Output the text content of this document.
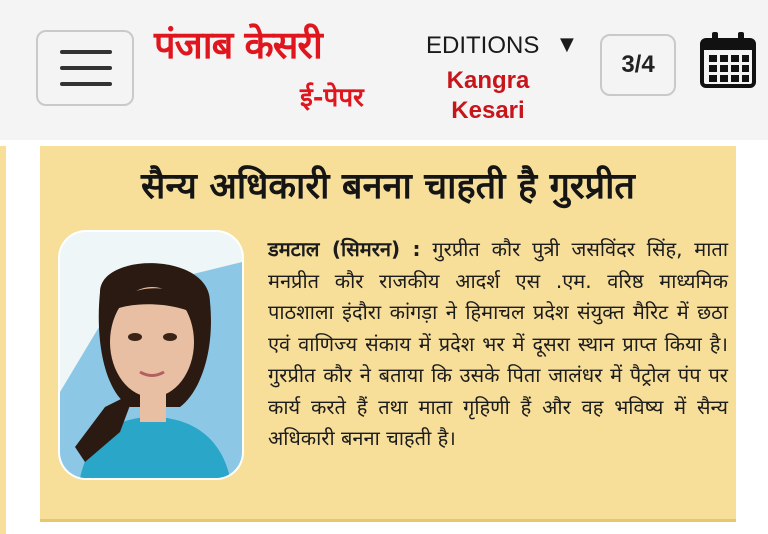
पंजाब केसरी
ई-पेपर
EDITIONS ▼
Kangra Kesari
3/4
सैन्य अधिकारी बनना चाहती है गुरप्रीत
डमटाल (सिमरन) : गुरप्रीत कौर पुत्री जसविंदर सिंह, माता मनप्रीत कौर राजकीय आदर्श एस .एम. वरिष्ठ माध्यमिक पाठशाला इंदौरा कांगड़ा ने हिमाचल प्रदेश संयुक्त मैरिट में छठा एवं वाणिज्य संकाय में प्रदेश भर में दूसरा स्थान प्राप्त किया है। गुरप्रीत कौर ने बताया कि उसके पिता जालंधर में पैट्रोल पंप पर कार्य करते हैं तथा माता गृहिणी हैं और वह भविष्य में सैन्य अधिकारी बनना चाहती है।
